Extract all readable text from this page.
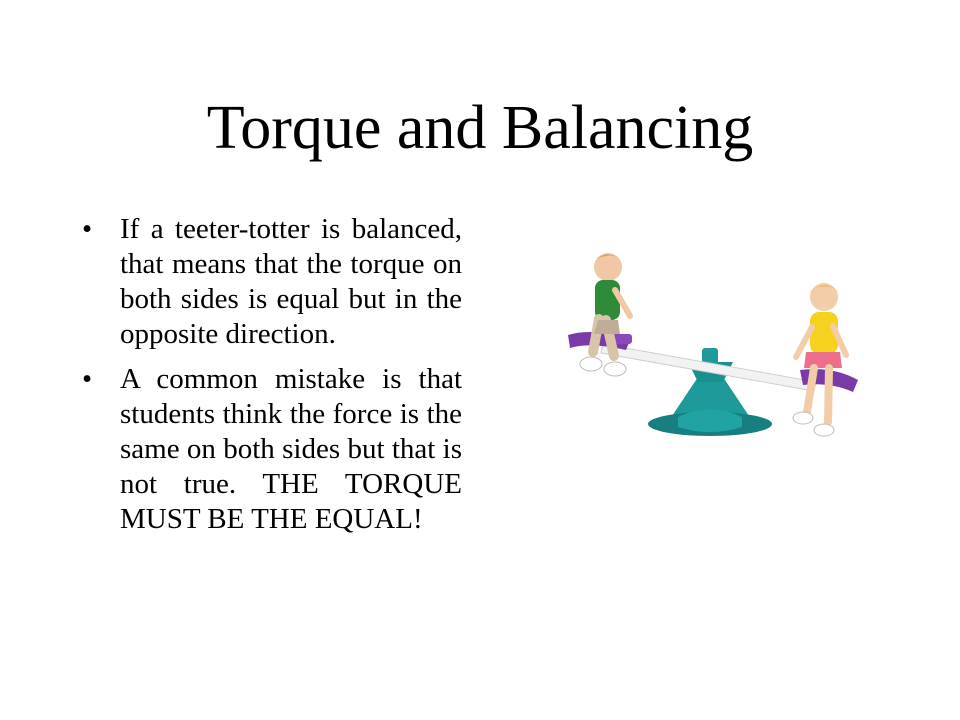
Torque and Balancing
• If a teeter-totter is balanced, that means that the torque on both sides is equal but in the opposite direction.
• A common mistake is that students think the force is the same on both sides but that is not true. THE TORQUE MUST BE THE EQUAL!
